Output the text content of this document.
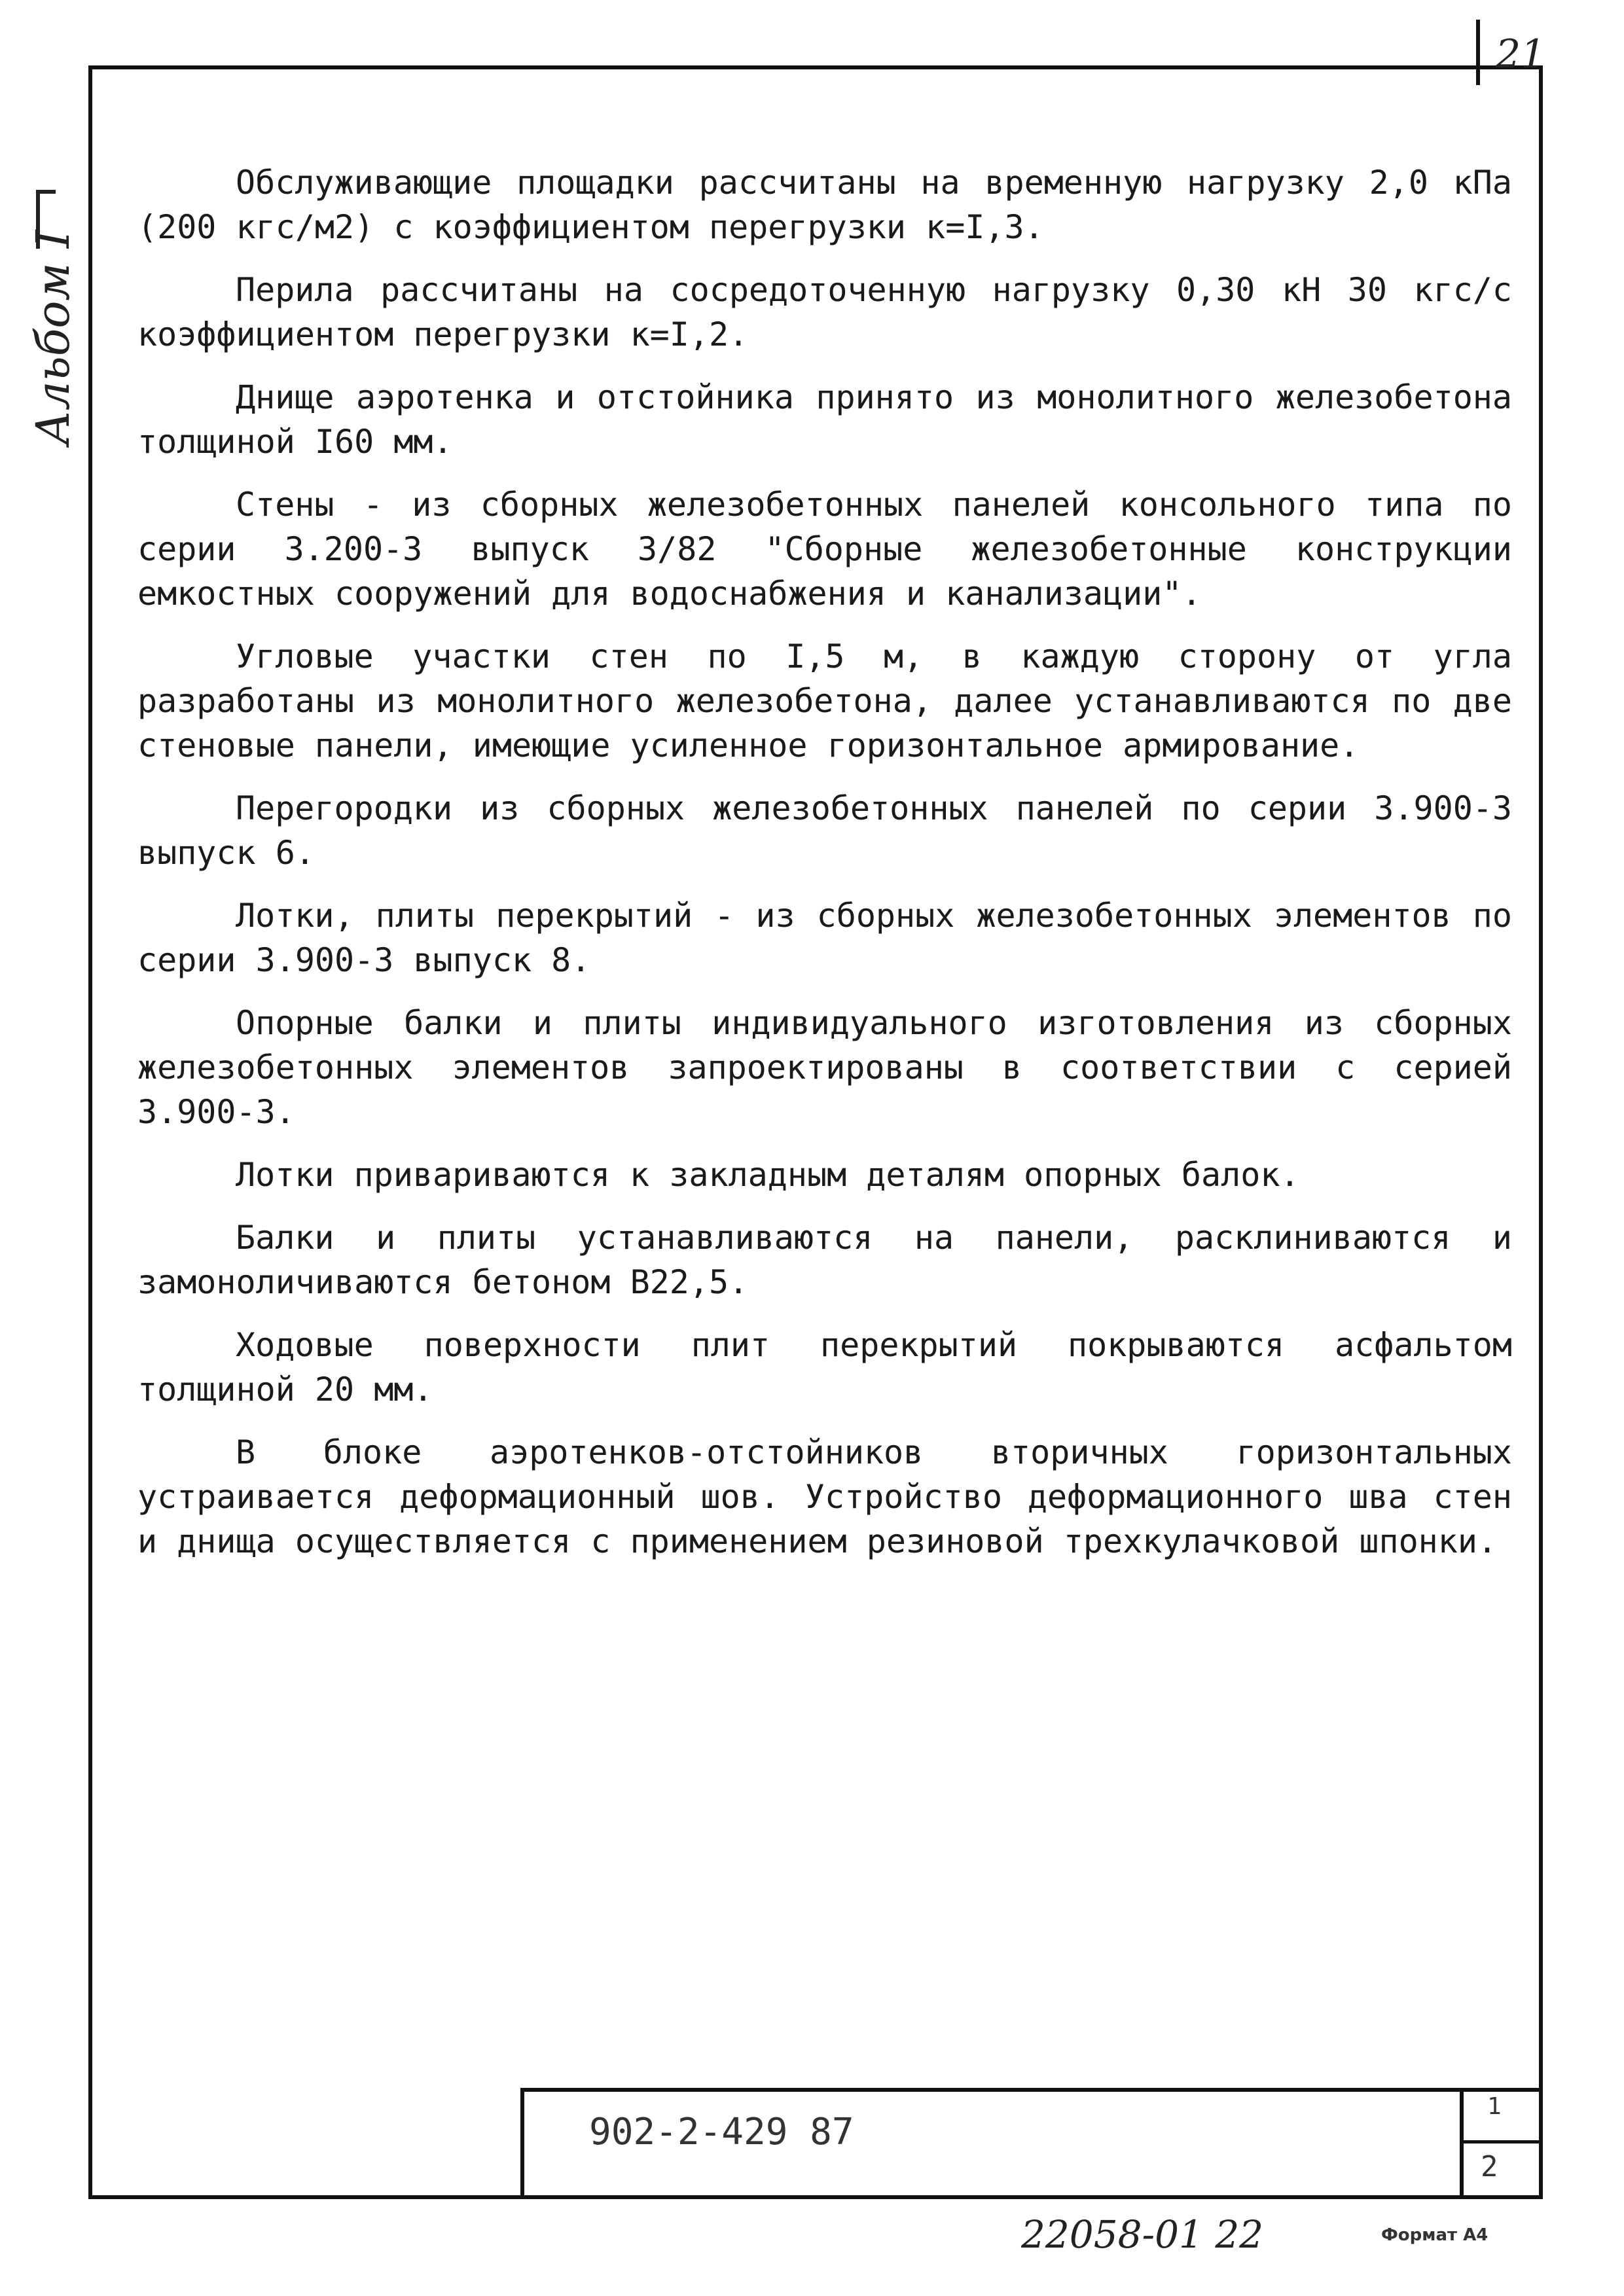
21
Альбом I

Обслуживающие площадки рассчитаны на временную нагрузку 2,0 кПа (200 кгс/м2) с коэффициентом перегрузки к=I,3.

Перила рассчитаны на сосредоточенную нагрузку 0,30 кН 30 кгс/с коэффициентом перегрузки к=I,2.

Днище аэротенка и отстойника принято из монолитного железобетона толщиной I60 мм.

Стены - из сборных железобетонных панелей консольного типа по серии 3.200-3 выпуск 3/82 "Сборные железобетонные конструкции емкостных сооружений для водоснабжения и канализации".

Угловые участки стен по I,5 м, в каждую сторону от угла разработаны из монолитного железобетона, далее устанавливаются по две стеновые панели, имеющие усиленное горизонтальное армирование.

Перегородки из сборных железобетонных панелей по серии 3.900-3 выпуск 6.

Лотки, плиты перекрытий - из сборных железобетонных элементов по серии 3.900-3 выпуск 8.

Опорные балки и плиты индивидуального изготовления из сборных железобетонных элементов запроектированы в соответствии с серией 3.900-3.

Лотки привариваются к закладным деталям опорных балок.

Балки и плиты устанавливаются на панели, расклиниваются и замоноличиваются бетоном В22,5.

Ходовые поверхности плит перекрытий покрываются асфальтом толщиной 20 мм.

В блоке аэротенков-отстойников вторичных горизонтальных устраивается деформационный шов. Устройство деформационного шва стен и днища осуществляется с применением резиновой трехкулачковой шпонки.

902-2-429 87
1
2
22058-01 22	Формат А4
